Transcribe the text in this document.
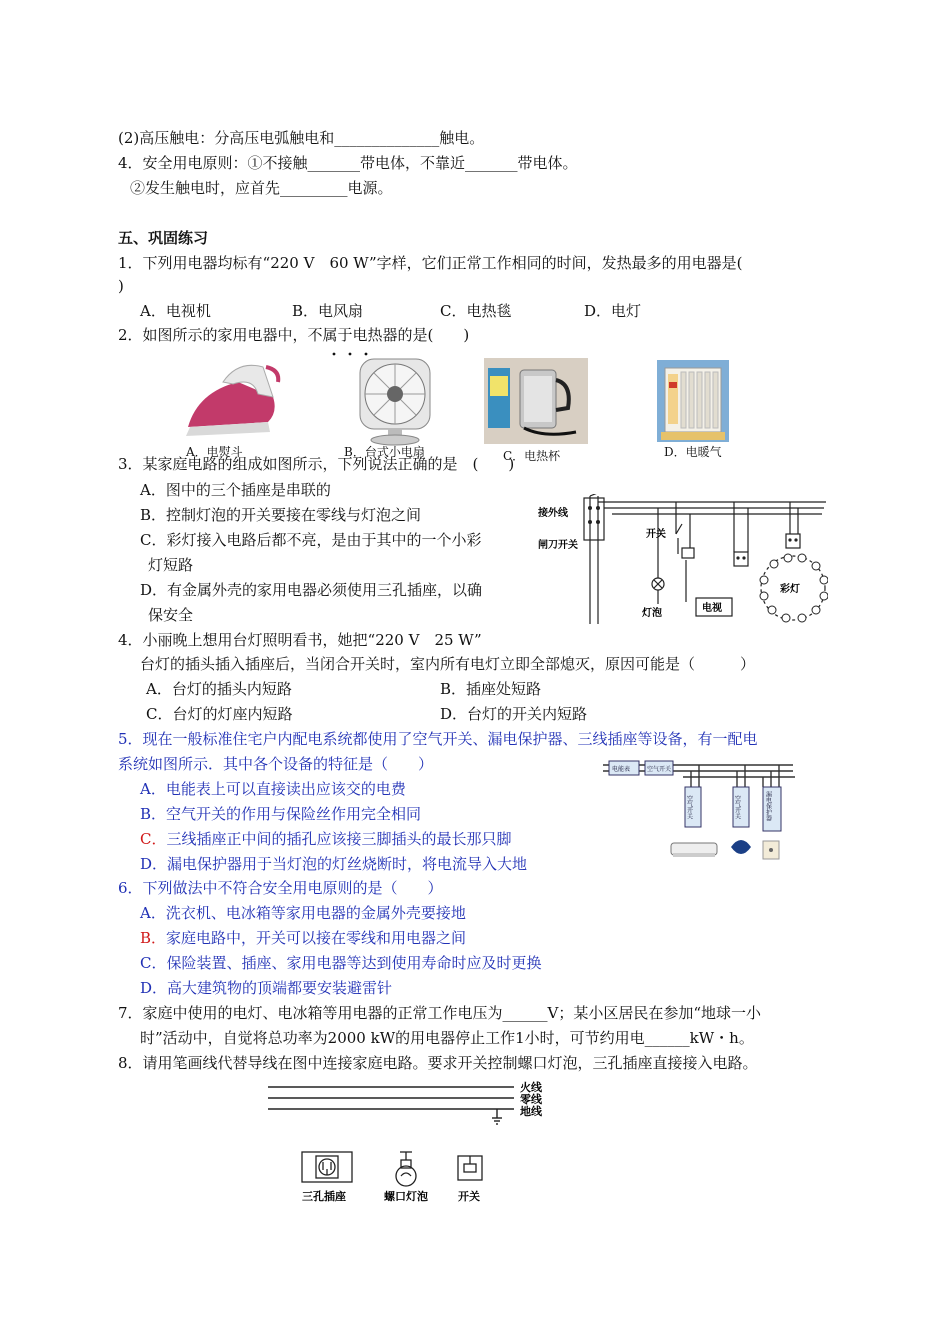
(2)高压触电：分高压电弧触电和______________触电。
4．安全用电原则：①不接触_______带电体，不靠近_______带电体。
②发生触电时，应首先_________电源。
五、巩固练习
1．下列用电器均标有“220 V　60 W”字样，它们正常工作相同的时间，发热最多的用电器是(
)
A．电视机	B．电风扇	C．电热毯	D．电灯
2．如图所示的家用电器中，不属于电热器的是(　　)
A．电熨斗	B．台式小电扇	C．电热杯	D．电暖气
3．某家庭电路的组成如图所示，下列说法正确的是　(　　)
A．图中的三个插座是串联的
B．控制灯泡的开关要接在零线与灯泡之间
C．彩灯接入电路后都不亮，是由于其中的一个小彩
灯短路
D．有金属外壳的家用电器必须使用三孔插座，以确
保安全
接外线
闸刀开关
开关
灯泡	电视
彩灯
4．小丽晚上想用台灯照明看书，她把“220 V　25 W”
台灯的插头插入插座后，当闭合开关时，室内所有电灯立即全部熄灭，原因可能是（　　　）
A．台灯的插头内短路	B．插座处短路
C．台灯的灯座内短路	D．台灯的开关内短路
5．现在一般标准住宅户内配电系统都使用了空气开关、漏电保护器、三线插座等设备，有一配电
系统如图所示．其中各个设备的特征是（　　）
A．电能表上可以直接读出应该交的电费
B．空气开关的作用与保险丝作用完全相同
C．三线插座正中间的插孔应该接三脚插头的最长那只脚
D．漏电保护器用于当灯泡的灯丝烧断时，将电流导入大地
电能表	空气开关
空气开关	空气开关	漏电保护器
6．下列做法中不符合安全用电原则的是（　　）
A．洗衣机、电冰箱等家用电器的金属外壳要接地
B．家庭电路中，开关可以接在零线和用电器之间
C．保险装置、插座、家用电器等达到使用寿命时应及时更换
D．高大建筑物的顶端都要安装避雷针
7．家庭中使用的电灯、电冰箱等用电器的正常工作电压为______V；某小区居民在参加“地球一小
时”活动中，自觉将总功率为2000 kW的用电器停止工作1小时，可节约用电______kW・h。
8．请用笔画线代替导线在图中连接家庭电路。要求开关控制螺口灯泡，三孔插座直接接入电路。
火线
零线
地线
三孔插座	螺口灯泡	开关
